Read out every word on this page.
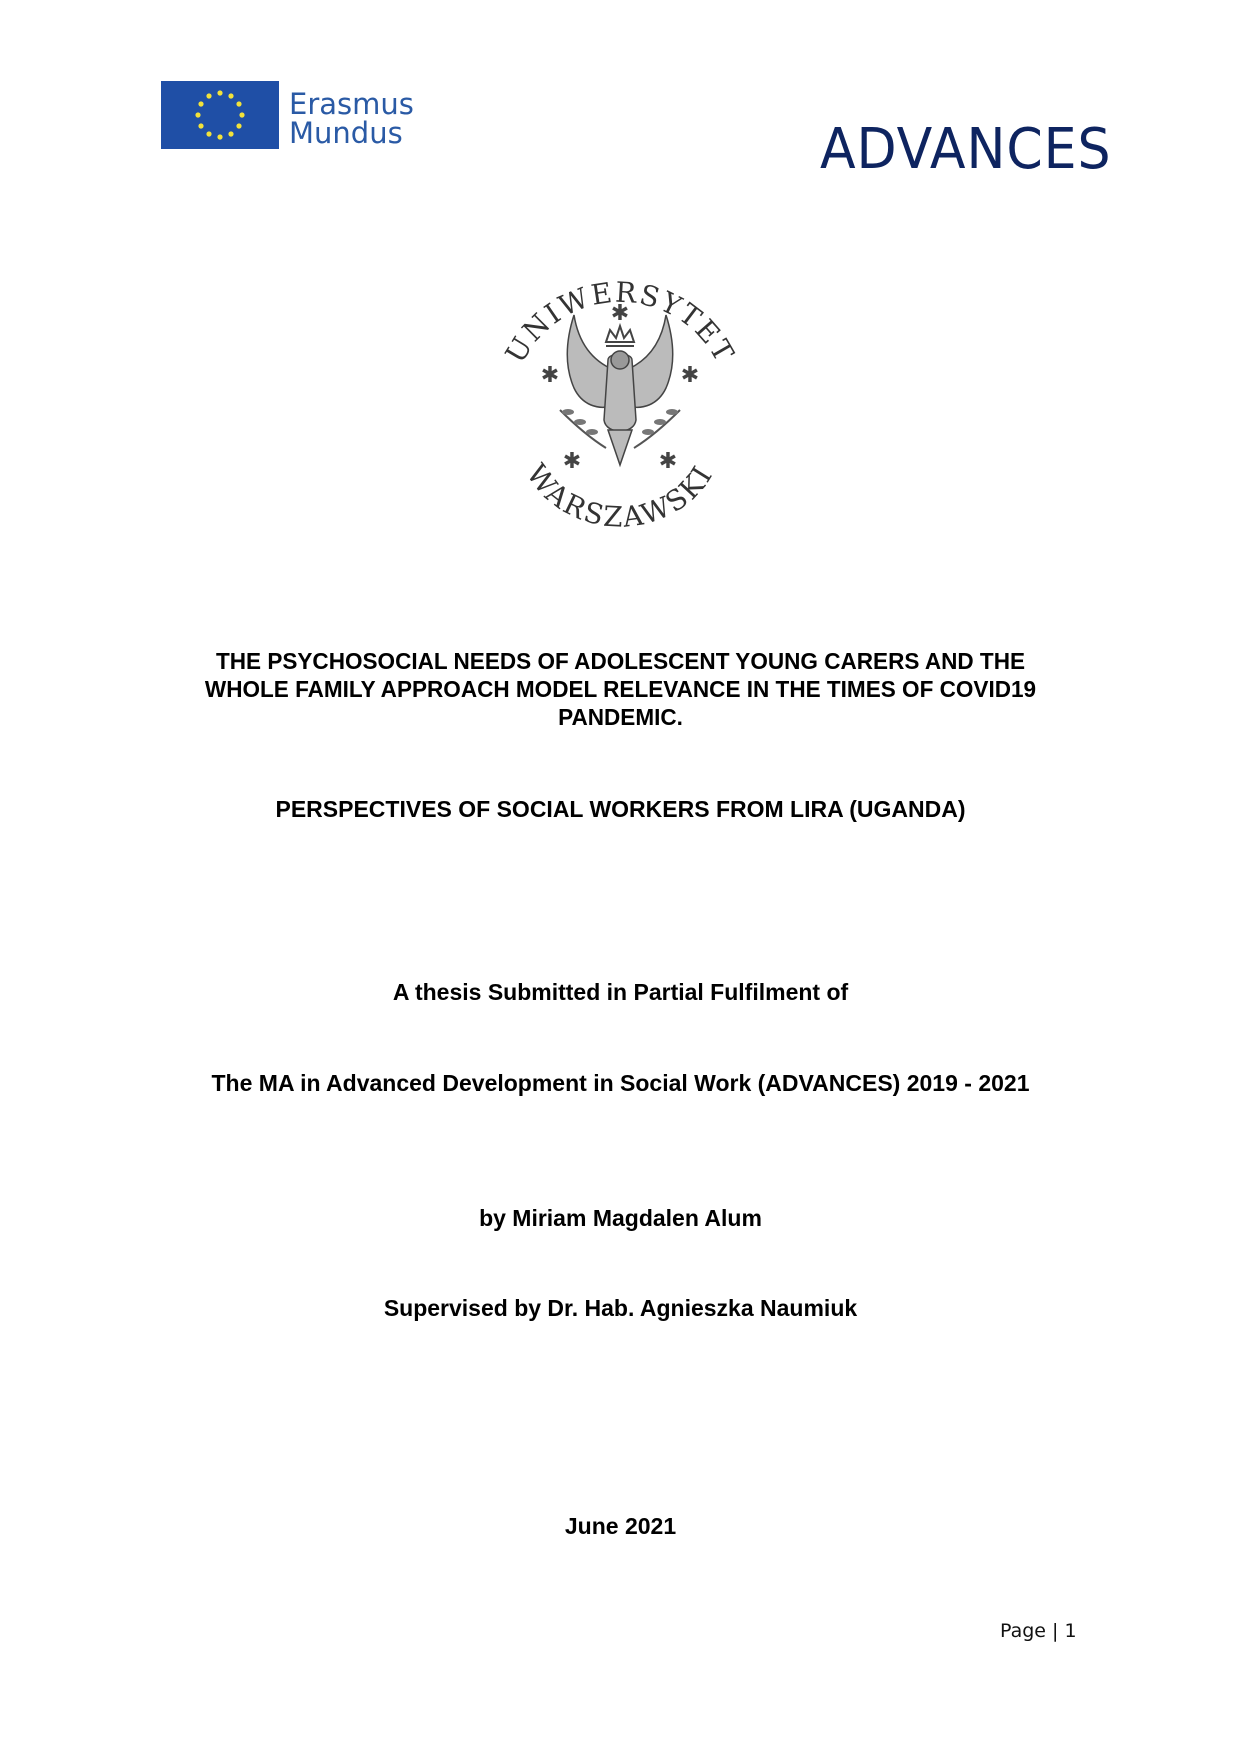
Erasmus
Mundus	ADVANCES
UNIWERSYTET
WARSZAWSKI
✱
✱	✱
✱	✱
THE PSYCHOSOCIAL NEEDS OF ADOLESCENT YOUNG CARERS AND THE
WHOLE FAMILY APPROACH MODEL RELEVANCE IN THE TIMES OF COVID19
PANDEMIC.
PERSPECTIVES OF SOCIAL WORKERS FROM LIRA (UGANDA)
A thesis Submitted in Partial Fulfilment of
The MA in Advanced Development in Social Work (ADVANCES) 2019 - 2021
by Miriam Magdalen Alum
Supervised by Dr. Hab. Agnieszka Naumiuk
June 2021
Page | 1
